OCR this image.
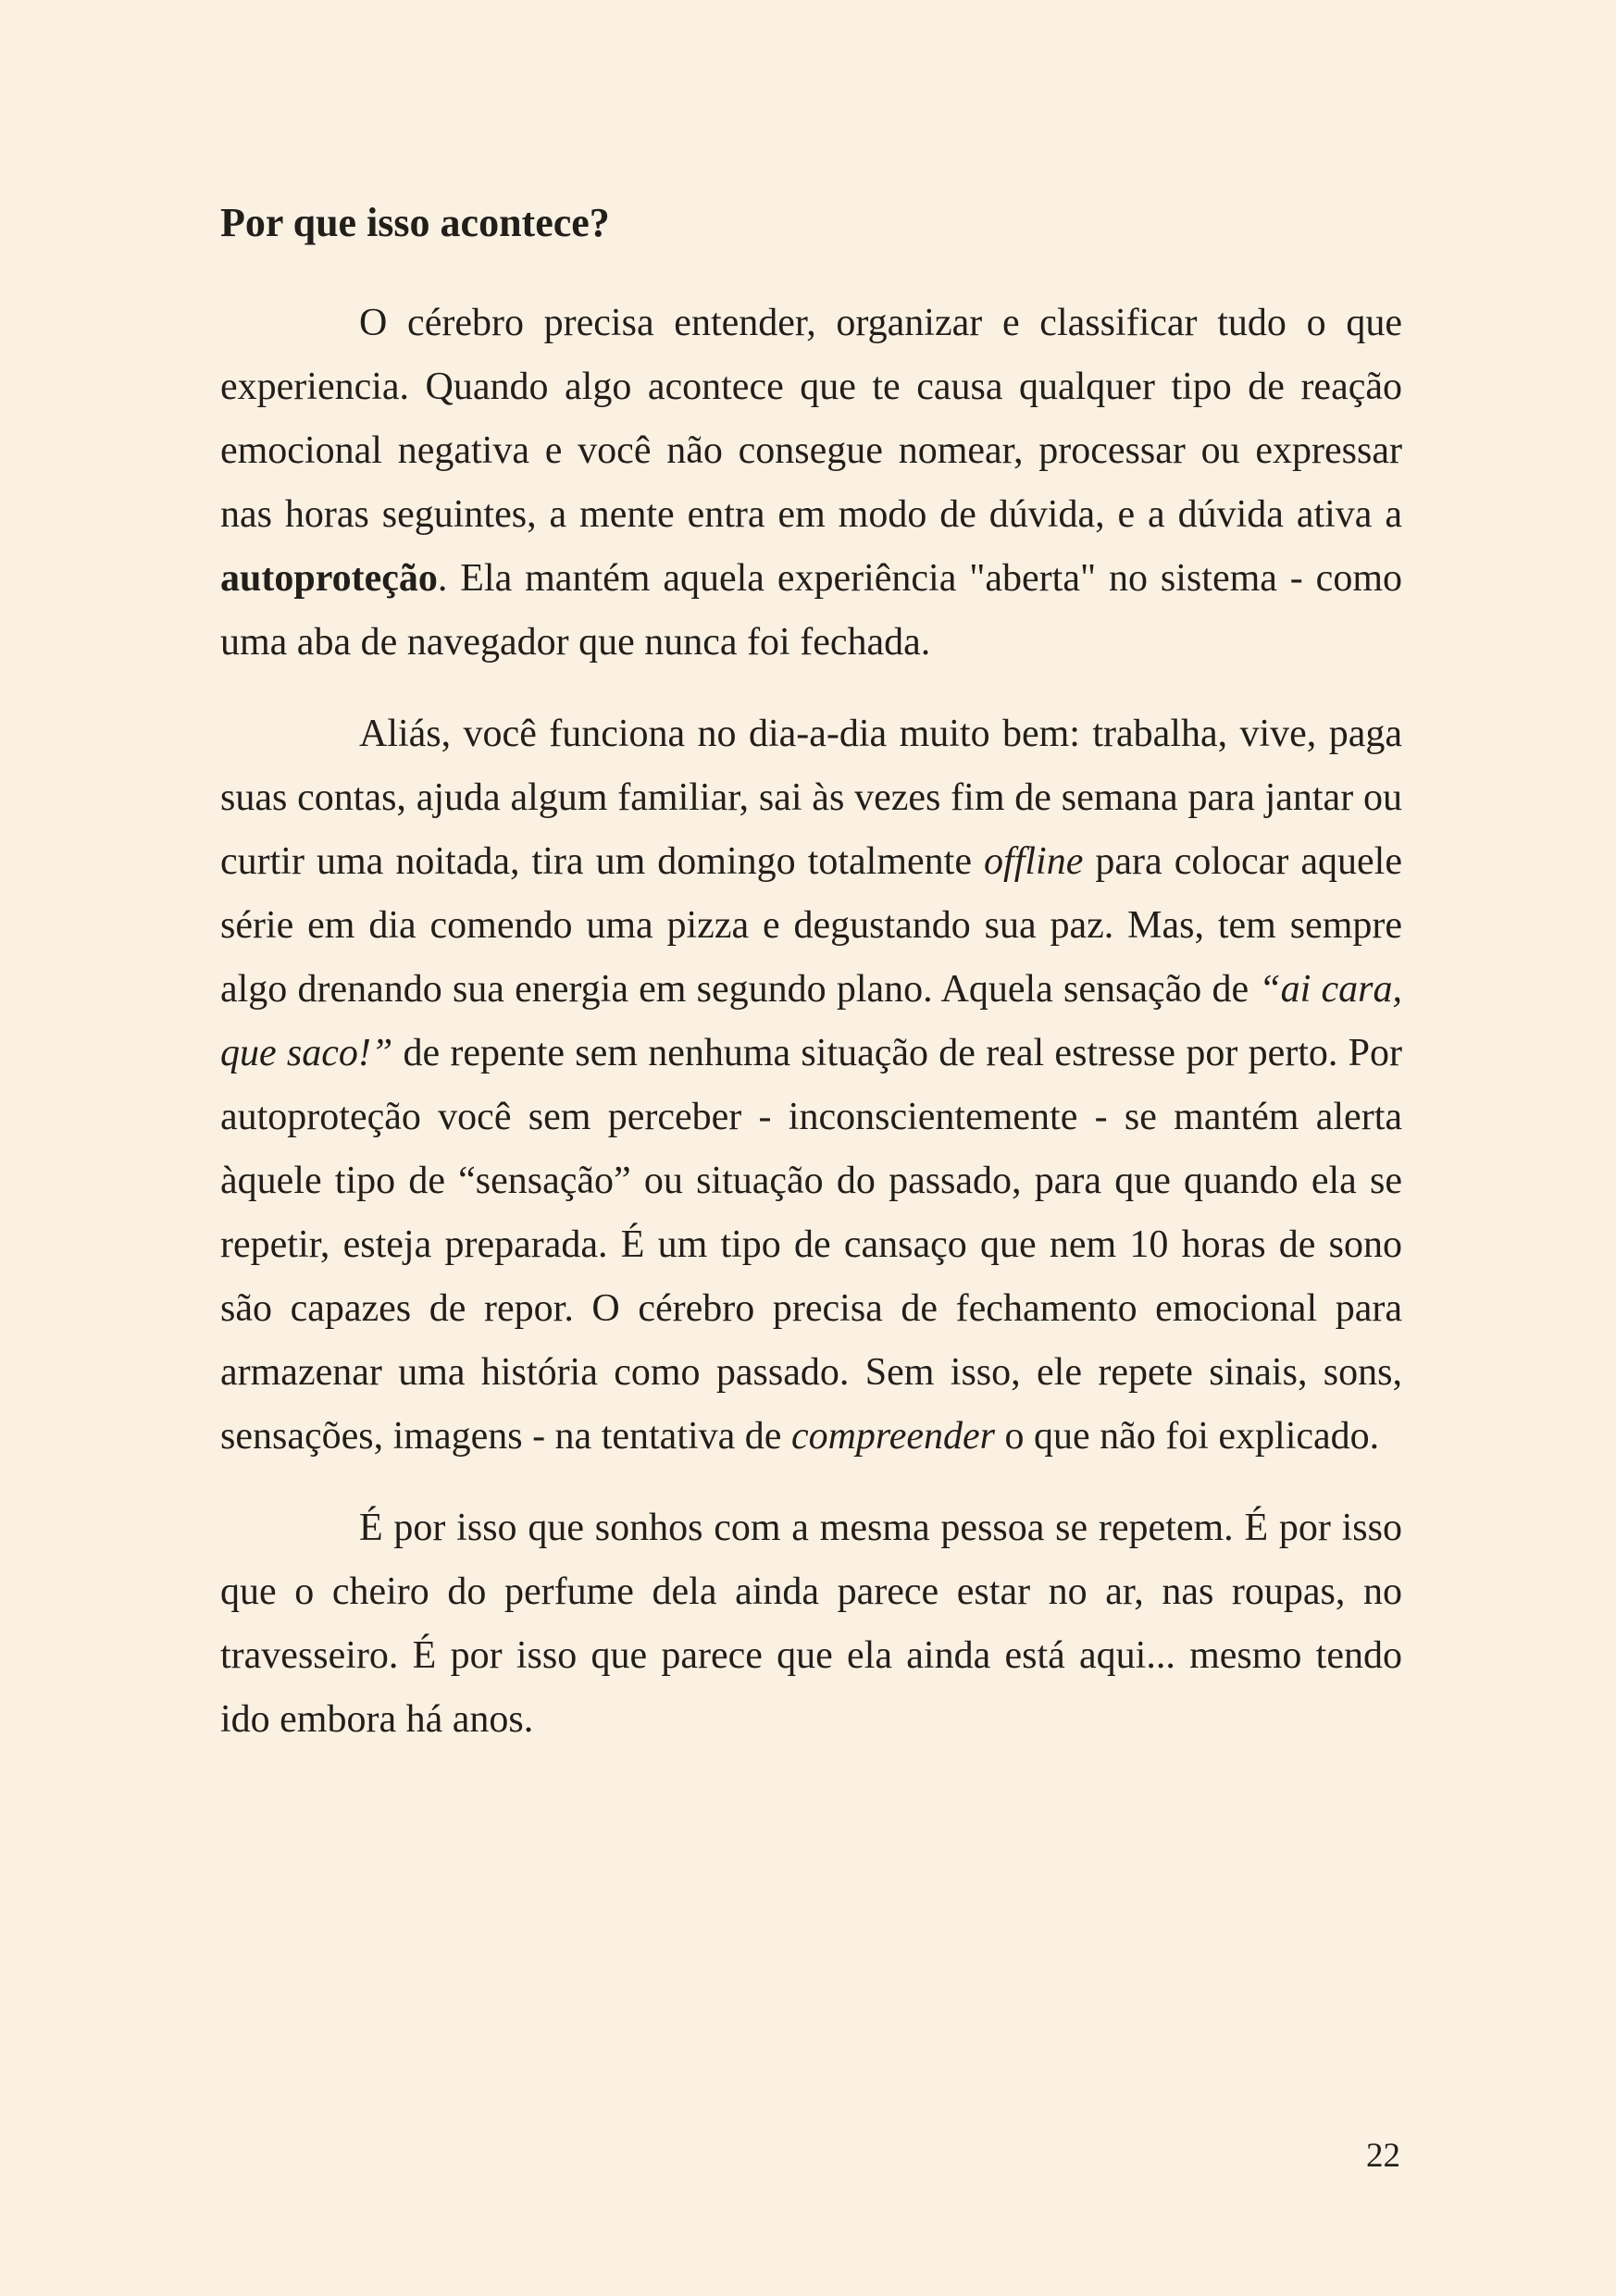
Por que isso acontece?

O cérebro precisa entender, organizar e classificar tudo o que experiencia. Quando algo acontece que te causa qualquer tipo de reação emocional negativa e você não consegue nomear, processar ou expressar nas horas seguintes, a mente entra em modo de dúvida, e a dúvida ativa a autoproteção. Ela mantém aquela experiência "aberta" no sistema - como uma aba de navegador que nunca foi fechada.

Aliás, você funciona no dia-a-dia muito bem: trabalha, vive, paga suas contas, ajuda algum familiar, sai às vezes fim de semana para jantar ou curtir uma noitada, tira um domingo totalmente offline para colocar aquele série em dia comendo uma pizza e degustando sua paz. Mas, tem sempre algo drenando sua energia em segundo plano. Aquela sensação de “ai cara, que saco!” de repente sem nenhuma situação de real estresse por perto. Por autoproteção você sem perceber - inconscientemente - se mantém alerta àquele tipo de “sensação” ou situação do passado, para que quando ela se repetir, esteja preparada. É um tipo de cansaço que nem 10 horas de sono são capazes de repor. O cérebro precisa de fechamento emocional para armazenar uma história como passado. Sem isso, ele repete sinais, sons, sensações, imagens - na tentativa de compreender o que não foi explicado.

É por isso que sonhos com a mesma pessoa se repetem. É por isso que o cheiro do perfume dela ainda parece estar no ar, nas roupas, no travesseiro. É por isso que parece que ela ainda está aqui... mesmo tendo ido embora há anos.

22
